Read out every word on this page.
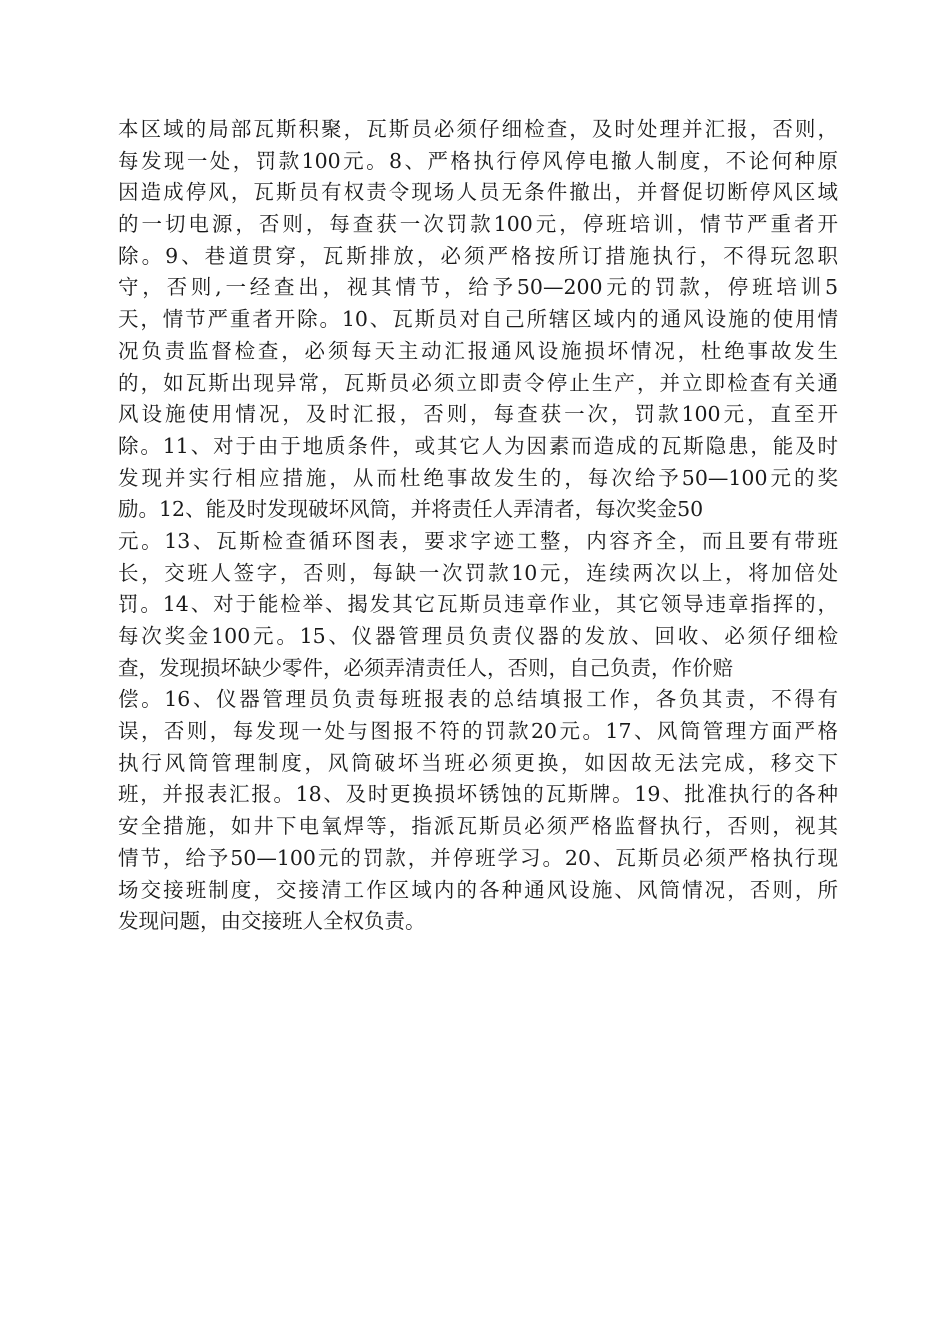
本区域的局部瓦斯积聚，瓦斯员必须仔细检查，及时处理并汇报，否则，
每发现一处，罚款100元。8、严格执行停风停电撤人制度，不论何种原
因造成停风，瓦斯员有权责令现场人员无条件撤出，并督促切断停风区域
的一切电源，否则，每查获一次罚款100元，停班培训，情节严重者开
除。9、巷道贯穿，瓦斯排放，必须严格按所订措施执行，不得玩忽职
守，否则,一经查出，视其情节，给予50—200元的罚款，停班培训5
天，情节严重者开除。10、瓦斯员对自己所辖区域内的通风设施的使用情
况负责监督检查，必须每天主动汇报通风设施损坏情况，杜绝事故发生
的，如瓦斯出现异常，瓦斯员必须立即责令停止生产，并立即检查有关通
风设施使用情况，及时汇报，否则，每查获一次，罚款100元，直至开
除。11、对于由于地质条件，或其它人为因素而造成的瓦斯隐患，能及时
发现并实行相应措施，从而杜绝事故发生的，每次给予50—100元的奖
励。12、能及时发现破坏风筒，并将责任人弄清者，每次奖金50
元。13、瓦斯检查循环图表，要求字迹工整，内容齐全，而且要有带班
长，交班人签字，否则，每缺一次罚款10元，连续两次以上，将加倍处
罚。14、对于能检举、揭发其它瓦斯员违章作业，其它领导违章指挥的，
每次奖金100元。15、仪器管理员负责仪器的发放、回收、必须仔细检
查，发现损坏缺少零件，必须弄清责任人，否则，自己负责，作价赔
偿。16、仪器管理员负责每班报表的总结填报工作，各负其责，不得有
误，否则，每发现一处与图报不符的罚款20元。17、风筒管理方面严格
执行风筒管理制度，风筒破坏当班必须更换，如因故无法完成，移交下
班，并报表汇报。18、及时更换损坏锈蚀的瓦斯牌。19、批准执行的各种
安全措施，如井下电氧焊等，指派瓦斯员必须严格监督执行，否则，视其
情节，给予50—100元的罚款，并停班学习。20、瓦斯员必须严格执行现
场交接班制度，交接清工作区域内的各种通风设施、风筒情况，否则，所
发现问题，由交接班人全权负责。
